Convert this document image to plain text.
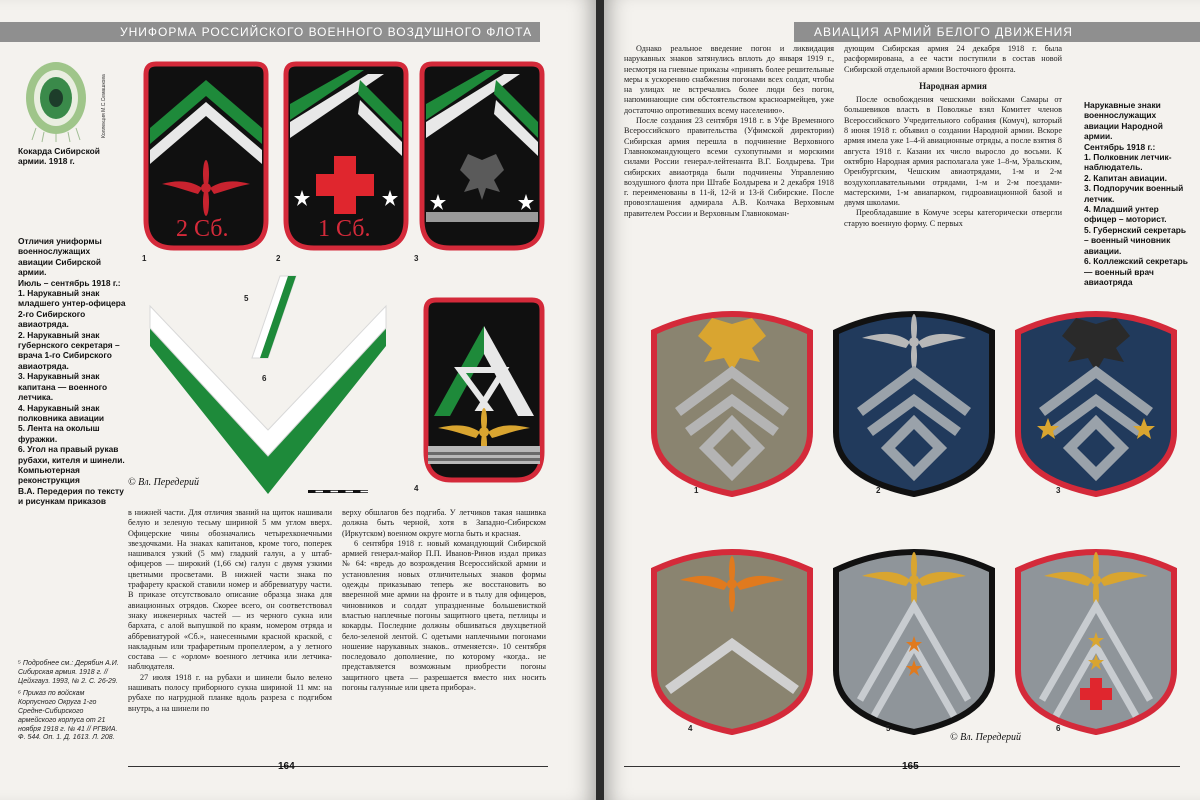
УНИФОРМА РОССИЙСКОГО ВОЕННОГО ВОЗДУШНОГО ФЛОТА
Коллекция М.С.Семашкова
Кокарда Сибирской армии. 1918 г.
Отличия униформы военнослужащих авиации Сибирской армии.
Июль – сентябрь 1918 г.:
1. Нарукавный знак младшего унтер-офицера 2-го Сибирского авиаотряда.
2. Нарукавный знак губернского секретаря – врача 1-го Сибирского авиаотряда.
3. Нарукавный знак капитана — военного летчика.
4. Нарукавный знак полковника авиации
5. Лента на околыш фуражки.
6. Угол на правый рукав рубахи, кителя и шинели.
Компьютерная реконструкция
В.А. Передерия по тексту и рисункам приказов
2 Сб.	1 Сб.
1	2	3
4
5
6
© Вл. Передерий

в нижней части. Для отличия званий на щиток нашивали белую и зеленую тесьму шириной 5 мм углом вверх. Офицерские чины обозначались четырехконечными звездочками. На знаках капитанов, кроме того, поперек нашивался узкий (5 мм) гладкий галун, а у штаб-офицеров — широкий (1,66 см) галун с двумя узкими цветными просветами. В нижней части знака по трафарету краской ставили номер и аббревиатуру части. В приказе отсутствовало описание образца знака для авиационных отрядов. Скорее всего, он соответствовал знаку инженерных частей — из черного сукна или бархата, с алой выпушкой по краям, номером отряда и аббревиатурой «Сб.», нанесенными красной краской, с накладным или трафаретным пропеллером, а у летного состава — с «орлом» военного летчика или летчика-наблюдателя.

27 июля 1918 г. на рубахи и шинели было велено нашивать полосу приборного сукна шириной 11 мм: на рубахе по нагрудной планке вдоль разреза с подгибом внутрь, а на шинели по

верху обшлагов без подгиба. У летчиков такая нашивка должна быть черной, хотя в Западно-Сибирском (Иркутском) военном округе могла быть и красная.

6 сентября 1918 г. новый командующий Сибирской армией генерал-майор П.П. Иванов-Ринов издал приказ № 64: «вредь до возрождения Всероссийской армии и установления новых отличительных знаков формы одежды приказываю теперь же восстановить во вверенной мне армии на фронте и в тылу для офицеров, чиновников и солдат упраздненные большевисткой властью наплечные погоны защитного цвета, петлицы и кокарды. Последние должны обшиваться двухцветной бело-зеленой лентой. С одетыми наплечными погонами ношение нарукавных знаков.. отменяется». 10 сентября последовало дополнение, по которому «когда.. не представляется возможным приобрести погоны защитного цвета — разрешается вместо них носить погоны галунные или цвета прибора».

⁵ Подробнее см.: Дерябин А.И. Сибирская армия. 1918 г. // Цейхгауз. 1993, № 2. С. 26-29.
⁶ Приказ по войскам Корпусного Округа 1-го Средне-Сибирского армейского корпуса от 21 ноября 1918 г. № 41 // РГВИА. Ф. 544. Оп. 1. Д. 1613. Л. 208.
164
АВИАЦИЯ АРМИЙ БЕЛОГО ДВИЖЕНИЯ

Однако реальное введение погон и ликвидация нарукавных знаков затянулись вплоть до января 1919 г., несмотря на гневные приказы «принять более решительные меры к ускорению снабжения погонами всех солдат, чтобы на улицах не встречались более люди без погон, напоминающие сим обстоятельством красноармейцев, уже достаточно опротивевших всему населению».

После создания 23 сентября 1918 г. в Уфе Временного Всероссийского правительства (Уфимской директории) Сибирская армия перешла в подчинение Верховного Главнокомандующего всеми сухопутными и морскими силами России генерал-лейтенанта В.Г. Болдырева. Три сибирских авиаотряда были подчинены Управлению воздушного флота при Штабе Болдырева и 2 декабря 1918 г. переименованы в 11-й, 12-й и 13-й Сибирские. После провозглашения адмирала А.В. Колчака Верховным правителем России и Верховным Главнокоман-

дующим Сибирская армия 24 декабря 1918 г. была расформирована, а ее части поступили в состав новой Сибирской отдельной армии Восточного фронта.

Народная армия

После освобождения чешскими войсками Самары от большевиков власть в Поволжье взял Комитет членов Всероссийского Учредительного собрания (Комуч), который 8 июня 1918 г. объявил о создании Народной армии. Вскоре армия имела уже 1–4-й авиационные отряды, а после взятия 8 августа 1918 г. Казани их число выросло до восьми. К октябрю Народная армия располагала уже 1–8-м, Уральским, Оренбургским, Чешским авиаотрядами, 1-м и 2-м воздухоплавательными отрядами, 1-м и 2-м поездами-мастерскими, 1-м авиапарком, гидроавиационной базой и двумя школами.

Преобладавшие в Комуче эсеры категорически отвергли старую военную форму. С первых

Нарукавные знаки военнослужащих авиации Народной армии.
Сентябрь 1918 г.:
1. Полковник летчик-наблюдатель.
2. Капитан авиации.
3. Подпоручик военный летчик.
4. Младший унтер офицер – моторист.
5. Губернский секретарь – военный чиновник авиации.
6. Коллежский секретарь — военный врач авиаотряда
1	2	3
4	5	6
© Вл. Передерий
165
